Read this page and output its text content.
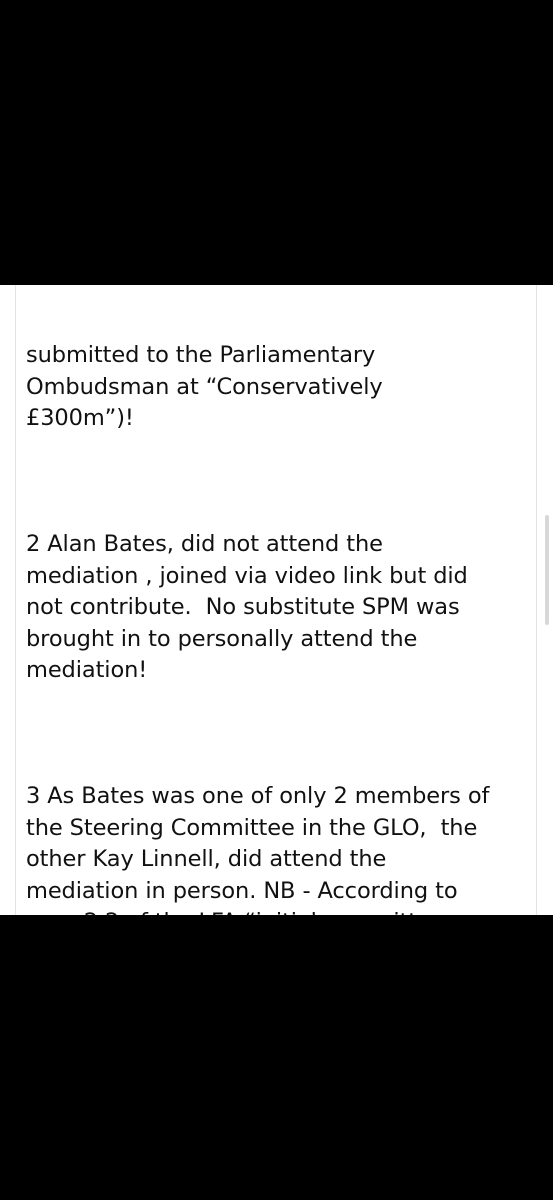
submitted to the Parliamentary
Ombudsman at “Conservatively
£300m”)!

2 Alan Bates, did not attend the
mediation , joined via video link but did
not contribute.  No substitute SPM was
brought in to personally attend the
mediation!

3 As Bates was one of only 2 members of
the Steering Committee in the GLO,  the
other Kay Linnell, did attend the
mediation in person. NB - According to
